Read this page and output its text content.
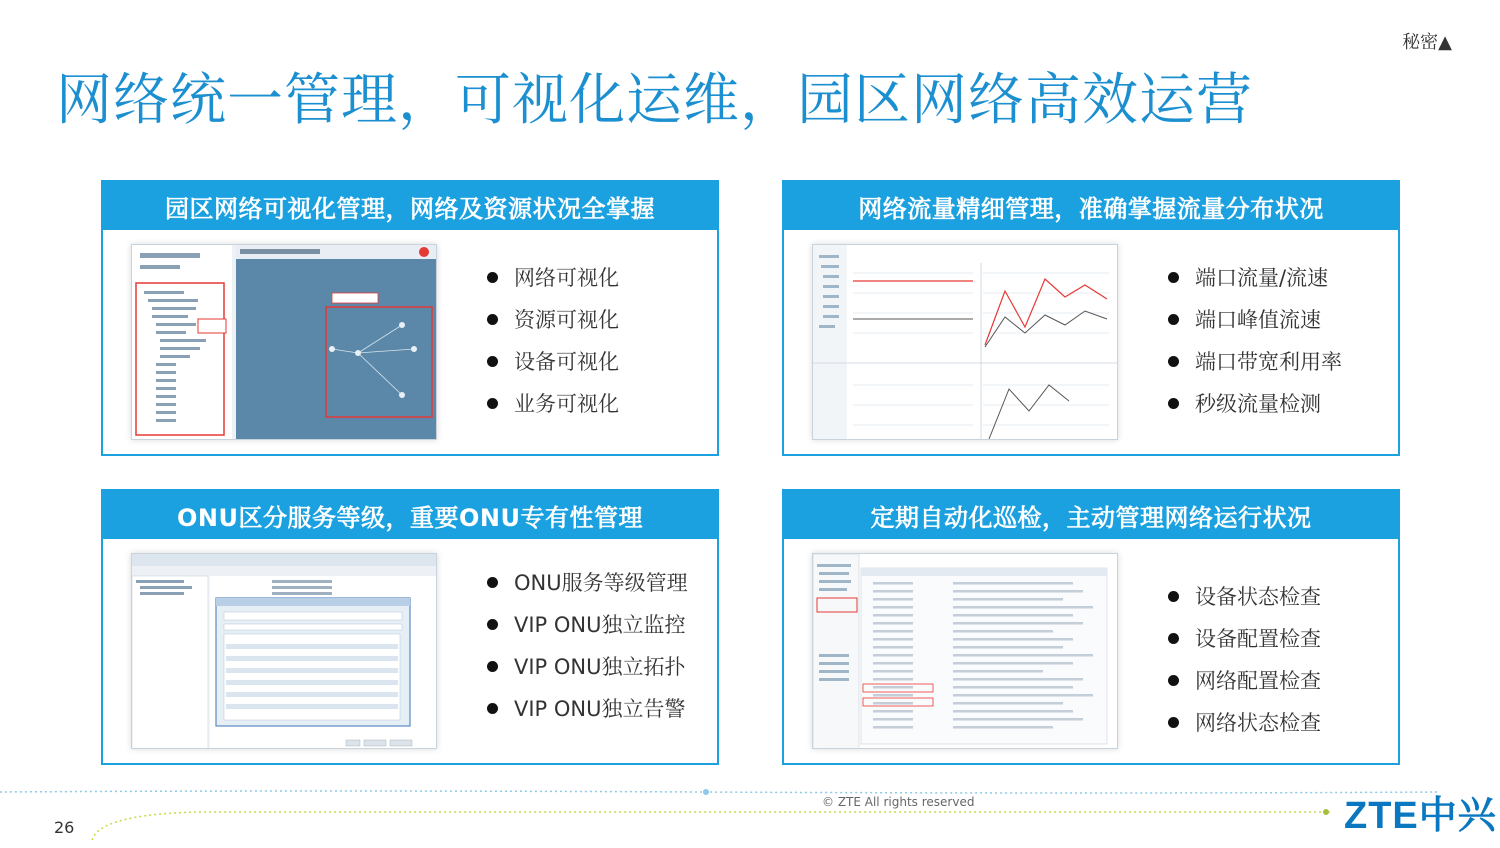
秘密▲
网络统一管理，可视化运维，园区网络高效运营
园区网络可视化管理，网络及资源状况全掌握
网络可视化
资源可视化
设备可视化
业务可视化
网络流量精细管理，准确掌握流量分布状况
端口流量/流速
端口峰值流速
端口带宽利用率
秒级流量检测
ONU区分服务等级，重要ONU专有性管理
ONU服务等级管理
VIP ONU独立监控
VIP ONU独立拓扑
VIP ONU独立告警
定期自动化巡检，主动管理网络运行状况
设备状态检查
设备配置检查
网络配置检查
网络状态检查
26
© ZTE All rights reserved	ZTE中兴
